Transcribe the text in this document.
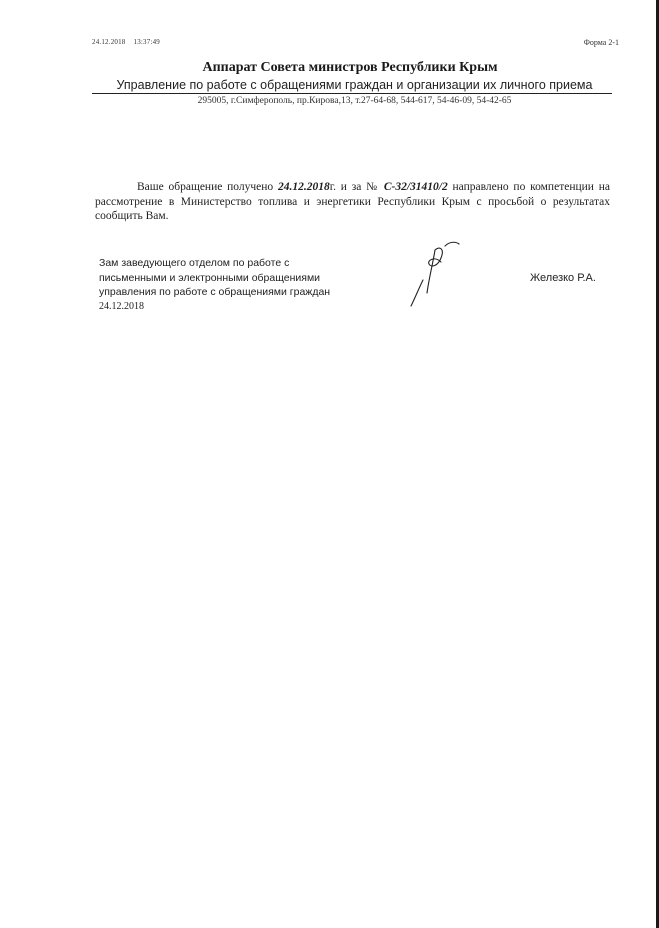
24.12.2018 13:37:49	Форма 2-1
Аппарат Совета министров Республики Крым
Управление по работе с обращениями граждан и организации их личного приема
295005, г.Симферополь, пр.Кирова,13, т.27-64-68, 544-617, 54-46-09, 54-42-65
Ваше обращение получено 24.12.2018г. и за № С-32/31410/2 направлено по компетенции на рассмотрение в Министерство топлива и энергетики Республики Крым с просьбой о результатах сообщить Вам.
Зам заведующего отделом по работе с
письменными и электронными обращениями
управления по работе с обращениями граждан
24.12.2018
Железко Р.А.
